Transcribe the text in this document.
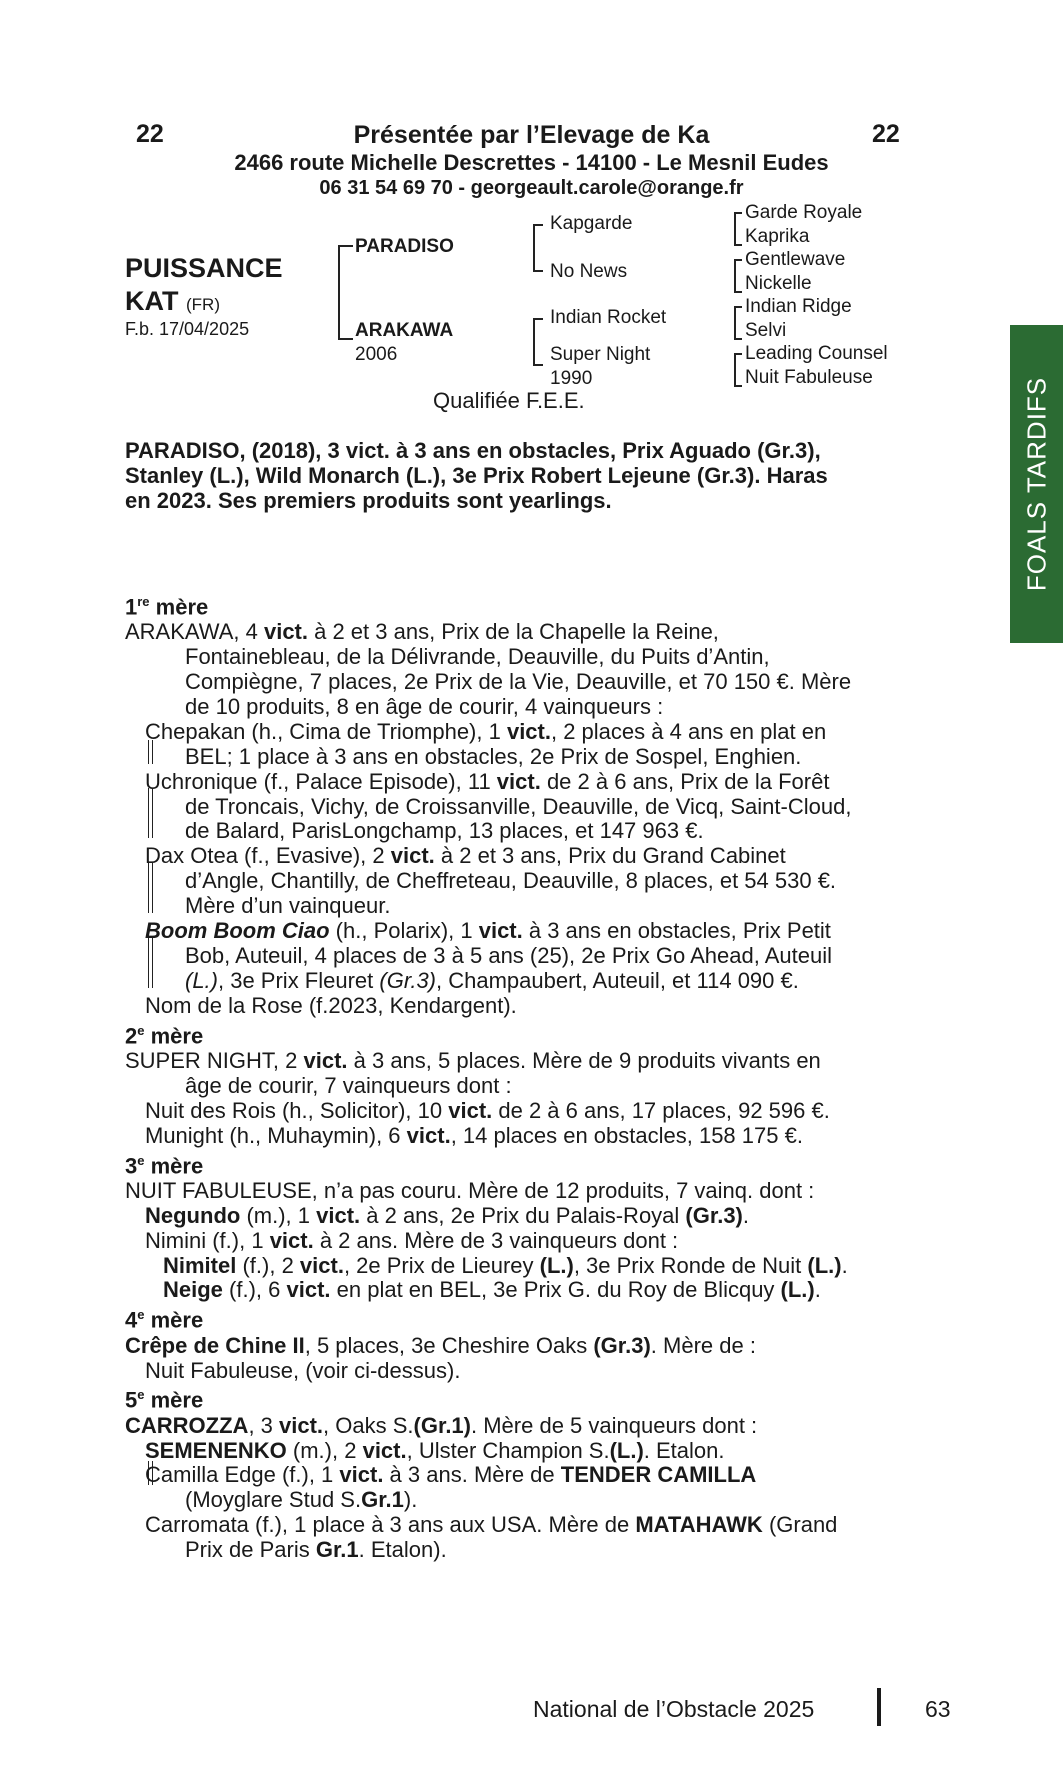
22	22
Présentée par l’Elevage de Ka
2466 route Michelle Descrettes - 14100 - Le Mesnil Eudes
06 31 54 69 70 - georgeault.carole@orange.fr
PUISSANCE
KAT (FR)
F.b. 17/04/2025
PARADISO
ARAKAWA
2006
Kapgarde
No News
Indian Rocket
Super Night
1990
Garde Royale
Kaprika
Gentlewave
Nickelle
Indian Ridge
Selvi
Leading Counsel
Nuit Fabuleuse
Qualifiée F.E.E.
PARADISO, (2018), 3 vict. à 3 ans en obstacles, Prix Aguado (Gr.3),
Stanley (L.), Wild Monarch (L.), 3e Prix Robert Lejeune (Gr.3). Haras
en 2023. Ses premiers produits sont yearlings.
1re mère
ARAKAWA, 4 vict. à 2 et 3 ans, Prix de la Chapelle la Reine,
Fontainebleau, de la Délivrande, Deauville, du Puits d’Antin,
Compiègne, 7 places, 2e Prix de la Vie, Deauville, et 70 150 €. Mère
de 10 produits, 8 en âge de courir, 4 vainqueurs :
Chepakan (h., Cima de Triomphe), 1 vict., 2 places à 4 ans en plat en
BEL; 1 place à 3 ans en obstacles, 2e Prix de Sospel, Enghien.
Uchronique (f., Palace Episode), 11 vict. de 2 à 6 ans, Prix de la Forêt
de Troncais, Vichy, de Croissanville, Deauville, de Vicq, Saint-Cloud,
de Balard, ParisLongchamp, 13 places, et 147 963 €.
Dax Otea (f., Evasive), 2 vict. à 2 et 3 ans, Prix du Grand Cabinet
d’Angle, Chantilly, de Cheffreteau, Deauville, 8 places, et 54 530 €.
Mère d’un vainqueur.
Boom Boom Ciao (h., Polarix), 1 vict. à 3 ans en obstacles, Prix Petit
Bob, Auteuil, 4 places de 3 à 5 ans (25), 2e Prix Go Ahead, Auteuil
(L.), 3e Prix Fleuret (Gr.3), Champaubert, Auteuil, et 114 090 €.
Nom de la Rose (f.2023, Kendargent).
2e mère
SUPER NIGHT, 2 vict. à 3 ans, 5 places. Mère de 9 produits vivants en
âge de courir, 7 vainqueurs dont :
Nuit des Rois (h., Solicitor), 10 vict. de 2 à 6 ans, 17 places, 92 596 €.
Munight (h., Muhaymin), 6 vict., 14 places en obstacles, 158 175 €.
3e mère
NUIT FABULEUSE, n’a pas couru. Mère de 12 produits, 7 vainq. dont :
Negundo (m.), 1 vict. à 2 ans, 2e Prix du Palais-Royal (Gr.3).
Nimini (f.), 1 vict. à 2 ans. Mère de 3 vainqueurs dont :
Nimitel (f.), 2 vict., 2e Prix de Lieurey (L.), 3e Prix Ronde de Nuit (L.).
Neige (f.), 6 vict. en plat en BEL, 3e Prix G. du Roy de Blicquy (L.).
4e mère
Crêpe de Chine II, 5 places, 3e Cheshire Oaks (Gr.3). Mère de :
Nuit Fabuleuse, (voir ci-dessus).
5e mère
CARROZZA, 3 vict., Oaks S.(Gr.1). Mère de 5 vainqueurs dont :
SEMENENKO (m.), 2 vict., Ulster Champion S.(L.). Etalon.
Camilla Edge (f.), 1 vict. à 3 ans. Mère de TENDER CAMILLA
(Moyglare Stud S.Gr.1).
Carromata (f.), 1 place à 3 ans aux USA. Mère de MATAHAWK (Grand
Prix de Paris Gr.1. Etalon).
FOALS TARDIFS
National de l’Obstacle 2025	63
